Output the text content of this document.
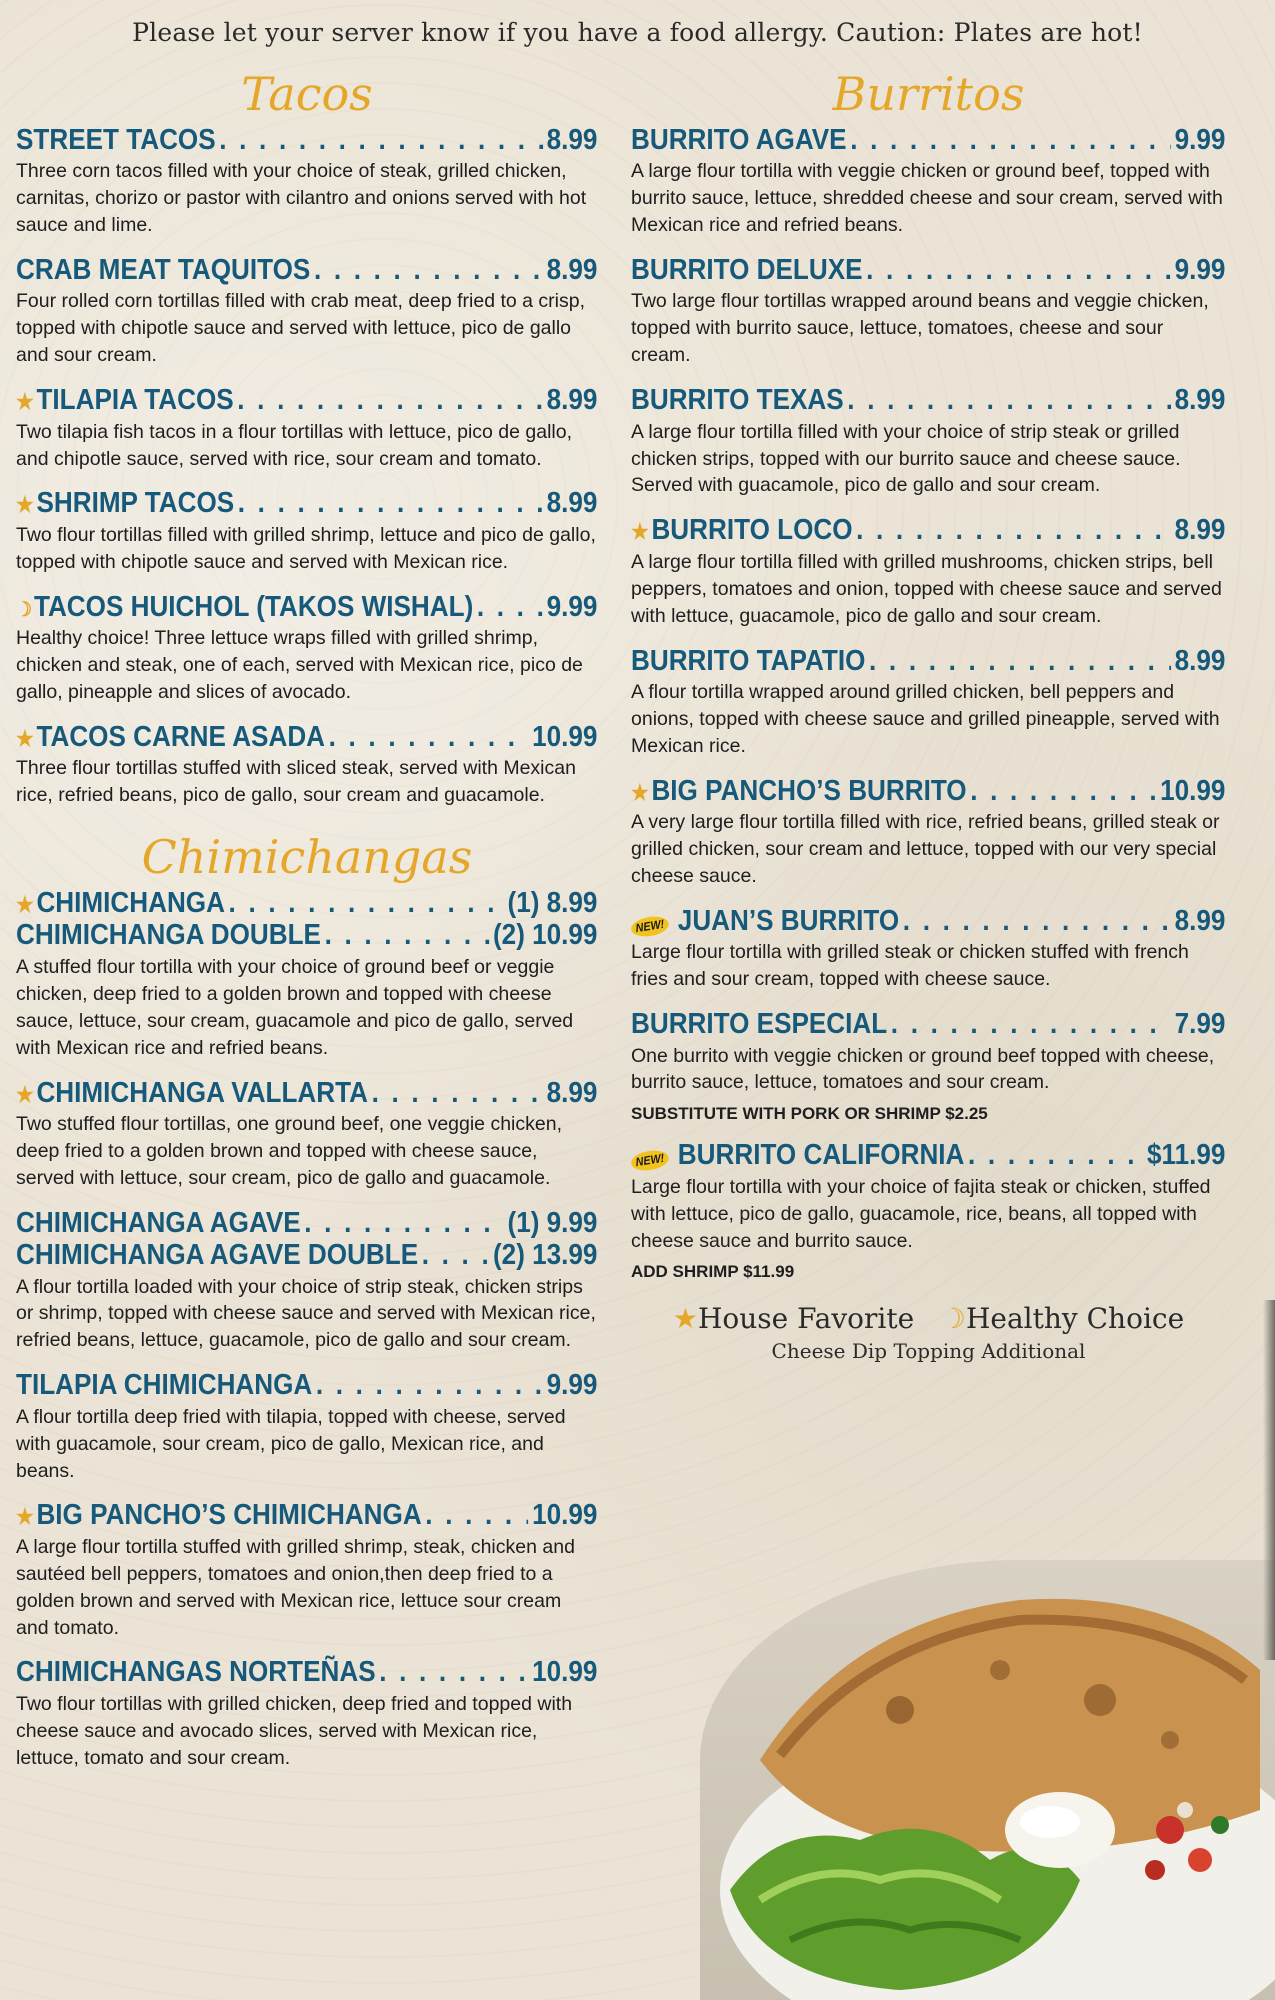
Please let your server know if you have a food allergy. Caution: Plates are hot!
Tacos
STREET TACOS . . .	8.99
Three corn tacos filled with your choice of steak, grilled chicken, carnitas, chorizo or pastor with cilantro and onions served with hot sauce and lime.
CRAB MEAT TAQUITOS . . .	8.99
Four rolled corn tortillas filled with crab meat, deep fried to a crisp, topped with chipotle sauce and served with lettuce, pico de gallo and sour cream.
★ TILAPIA TACOS . . .	8.99
Two tilapia fish tacos in a flour tortillas with lettuce, pico de gallo, and chipotle sauce, served with rice, sour cream and tomato.
★ SHRIMP TACOS . . .	8.99
Two flour tortillas filled with grilled shrimp, lettuce and pico de gallo, topped with chipotle sauce and served with Mexican rice.
☽ TACOS HUICHOL (TAKOS WISHAL) . . .	9.99
Healthy choice! Three lettuce wraps filled with grilled shrimp, chicken and steak, one of each, served with Mexican rice, pico de gallo, pineapple and slices of avocado.
★ TACOS CARNE ASADA . . .	10.99
Three flour tortillas stuffed with sliced steak, served with Mexican rice, refried beans, pico de gallo, sour cream and guacamole.
Chimichangas
★ CHIMICHANGA . . .	(1) 8.99
CHIMICHANGA DOUBLE . . .	(2) 10.99
A stuffed flour tortilla with your choice of ground beef or veggie chicken, deep fried to a golden brown and topped with cheese sauce, lettuce, sour cream, guacamole and pico de gallo, served with Mexican rice and refried beans.
★ CHIMICHANGA VALLARTA . . .	8.99
Two stuffed flour tortillas, one ground beef, one veggie chicken, deep fried to a golden brown and topped with cheese sauce, served with lettuce, sour cream, pico de gallo and guacamole.
CHIMICHANGA AGAVE . . .	(1) 9.99
CHIMICHANGA AGAVE DOUBLE . . .	(2) 13.99
A flour tortilla loaded with your choice of strip steak, chicken strips or shrimp, topped with cheese sauce and served with Mexican rice, refried beans, lettuce, guacamole, pico de gallo and sour cream.
TILAPIA CHIMICHANGA . . .	9.99
A flour tortilla deep fried with tilapia, topped with cheese, served with guacamole, sour cream, pico de gallo, Mexican rice, and beans.
★ BIG PANCHO’S CHIMICHANGA . . .	10.99
A large flour tortilla stuffed with grilled shrimp, steak, chicken and sautéed bell peppers, tomatoes and onion,then deep fried to a golden brown and served with Mexican rice, lettuce sour cream and tomato.
CHIMICHANGAS NORTEÑAS . . .	10.99
Two flour tortillas with grilled chicken, deep fried and topped with cheese sauce and avocado slices, served with Mexican rice, lettuce, tomato and sour cream.
Burritos
BURRITO AGAVE . . .	9.99
A large flour tortilla with veggie chicken or ground beef, topped with burrito sauce, lettuce, shredded cheese and sour cream, served with Mexican rice and refried beans.
BURRITO DELUXE . . .	9.99
Two large flour tortillas wrapped around beans and veggie chicken, topped with burrito sauce, lettuce, tomatoes, cheese and sour cream.
BURRITO TEXAS . . .	8.99
A large flour tortilla filled with your choice of strip steak or grilled chicken strips, topped with our burrito sauce and cheese sauce. Served with guacamole, pico de gallo and sour cream.
★ BURRITO LOCO . . .	8.99
A large flour tortilla filled with grilled mushrooms, chicken strips, bell peppers, tomatoes and onion, topped with cheese sauce and served with lettuce, guacamole, pico de gallo and sour cream.
BURRITO TAPATIO . . .	8.99
A flour tortilla wrapped around grilled chicken, bell peppers and onions, topped with cheese sauce and grilled pineapple, served with Mexican rice.
★ BIG PANCHO’S BURRITO . . .	10.99
A very large flour tortilla filled with rice, refried beans, grilled steak or grilled chicken, sour cream and lettuce, topped with our very special cheese sauce.
NEW! JUAN’S BURRITO . . .	8.99
Large flour tortilla with grilled steak or chicken stuffed with french fries and sour cream, topped with cheese sauce.
BURRITO ESPECIAL . . .	7.99
One burrito with veggie chicken or ground beef topped with cheese, burrito sauce, lettuce, tomatoes and sour cream.
SUBSTITUTE WITH PORK OR SHRIMP $2.25
NEW! BURRITO CALIFORNIA . . .	$11.99
Large flour tortilla with your choice of fajita steak or chicken, stuffed with lettuce, pico de gallo, guacamole, rice, beans, all topped with cheese sauce and burrito sauce.
ADD SHRIMP $11.99
★House Favorite ☽Healthy Choice
Cheese Dip Topping Additional
